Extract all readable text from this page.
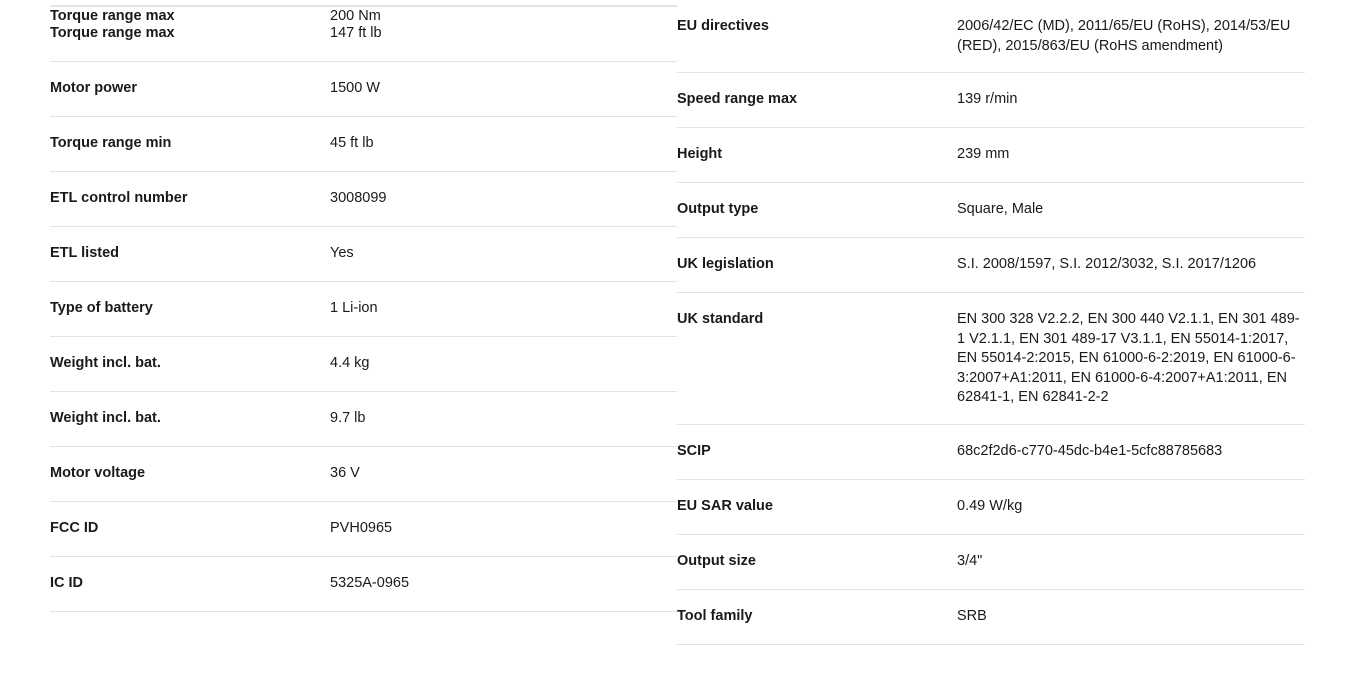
Torque range max	200 Nm
Torque range max	147 ft lb
Motor power	1500 W
Torque range min	45 ft lb
ETL control number	3008099
ETL listed	Yes
Type of battery	1 Li-ion
Weight incl. bat.	4.4 kg
Weight incl. bat.	9.7 lb
Motor voltage	36 V
FCC ID	PVH0965
IC ID	5325A-0965
EU directives	2006/42/EC (MD), 2011/65/EU (RoHS), 2014/53/EU (RED), 2015/863/EU (RoHS amendment)
Speed range max	139 r/min
Height	239 mm
Output type	Square, Male
UK legislation	S.I. 2008/1597, S.I. 2012/3032, S.I. 2017/1206
UK standard	EN 300 328 V2.2.2, EN 300 440 V2.1.1, EN 301 489-1 V2.1.1, EN 301 489-17 V3.1.1, EN 55014-1:2017, EN 55014-2:2015, EN 61000-6-2:2019, EN 61000-6-3:2007+A1:2011, EN 61000-6-4:2007+A1:2011, EN 62841-1, EN 62841-2-2
SCIP	68c2f2d6-c770-45dc-b4e1-5cfc88785683
EU SAR value	0.49 W/kg
Output size	3/4"
Tool family	SRB
